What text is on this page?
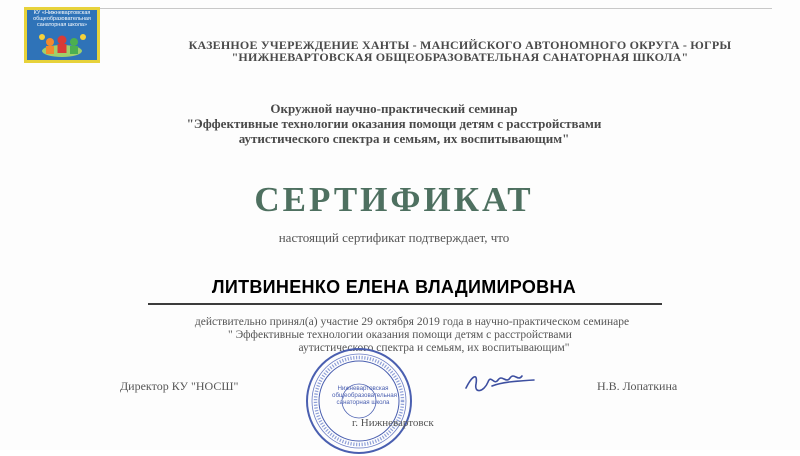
КУ «Нижневартовская общеобразовательная санаторная школа»
КАЗЕННОЕ УЧЕРЕЖДЕНИЕ ХАНТЫ - МАНСИЙСКОГО АВТОНОМНОГО ОКРУГА - ЮГРЫ
"НИЖНЕВАРТОВСКАЯ ОБЩЕОБРАЗОВАТЕЛЬНАЯ САНАТОРНАЯ ШКОЛА"
Окружной научно-практический семинар
"Эффективные технологии оказания помощи детям с расстройствами
аутистического спектра и семьям, их воспитывающим"
СЕРТИФИКАТ
настоящий сертификат подтверждает, что
ЛИТВИНЕНКО ЕЛЕНА ВЛАДИМИРОВНА
действительно принял(а) участие 29 октября 2019 года в научно-практическом семинаре
" Эффективные технологии оказания помощи детям с расстройствами
аутистического спектра и семьям, их воспитывающим"
Директор КУ "НОСШ"	Нижневартовская общеобразовательная санаторная школа
Н.В. Лопаткина
г. Нижневартовск
